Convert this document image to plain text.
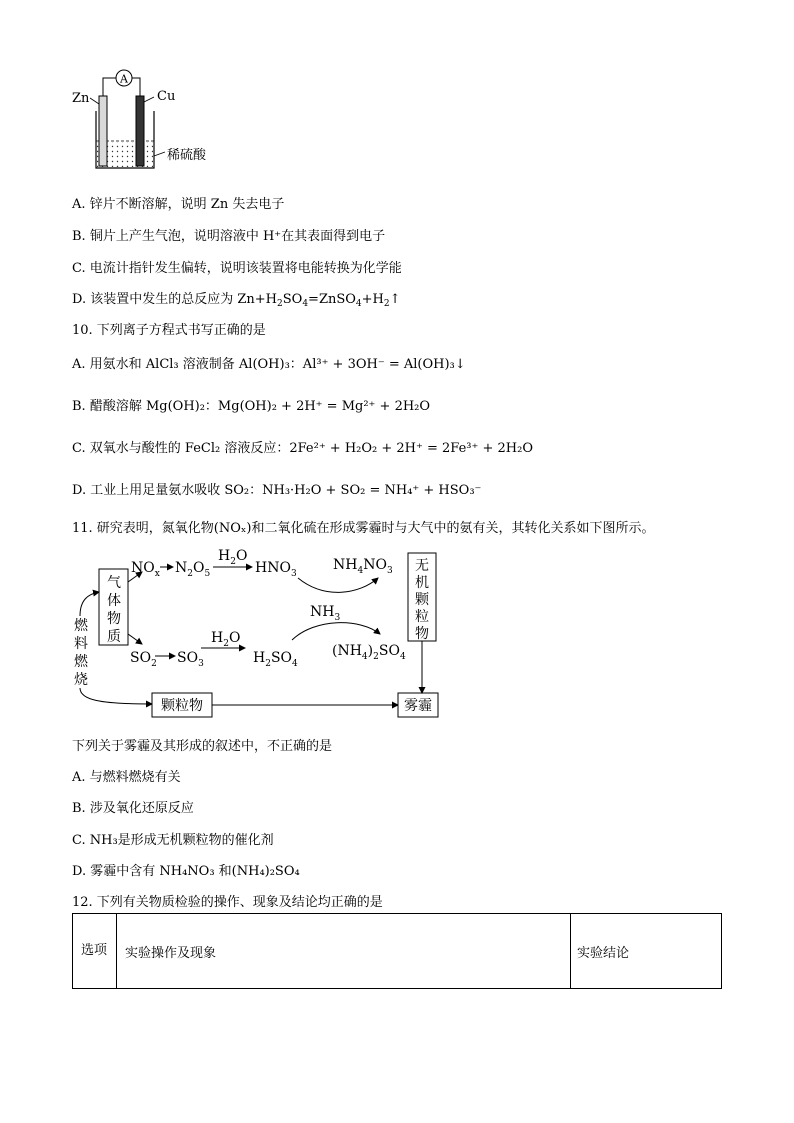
A
Zn	Cu
稀硫酸
A. 锌片不断溶解，说明 Zn 失去电子
B. 铜片上产生气泡，说明溶液中 H⁺在其表面得到电子
C. 电流计指针发生偏转，说明该装置将电能转换为化学能
D. 该装置中发生的总反应为 $Zn+H_2SO_4=ZnSO_4+H_2↑$
10. 下列离子方程式书写正确的是
A. 用氨水和 AlCl₃ 溶液制备 Al(OH)₃：Al³⁺ + 3OH⁻ = Al(OH)₃↓
B. 醋酸溶解 Mg(OH)₂：Mg(OH)₂ + 2H⁺ = Mg²⁺ + 2H₂O
C. 双氧水与酸性的 FeCl₂ 溶液反应：2Fe²⁺ + H₂O₂ + 2H⁺ = 2Fe³⁺ + 2H₂O
D. 工业上用足量氨水吸收 SO₂：NH₃·H₂O + SO₂ = NH₄⁺ + HSO₃⁻
11. 研究表明，氮氧化物(NOₓ)和二氧化硫在形成雾霾时与大气中的氨有关，其转化关系如下图所示。
气体物质
燃料燃烧
颗粒物	雾霾
$NO_x$ $N_2O_5$
$H_2O$
$HNO_3$
$NH_4NO_3$
$SO_2$ $SO_3$
$H_2O$
$H_2SO_4$
$NH_3$
$(NH_4)_2SO_4$
无机颗粒物
下列关于雾霾及其形成的叙述中，不正确的是
A. 与燃料燃烧有关
B. 涉及氧化还原反应
C. NH₃是形成无机颗粒物的催化剂
D. 雾霾中含有 NH₄NO₃ 和(NH₄)₂SO₄
12. 下列有关物质检验的操作、现象及结论均正确的是
选项	实验操作及现象	实验结论
